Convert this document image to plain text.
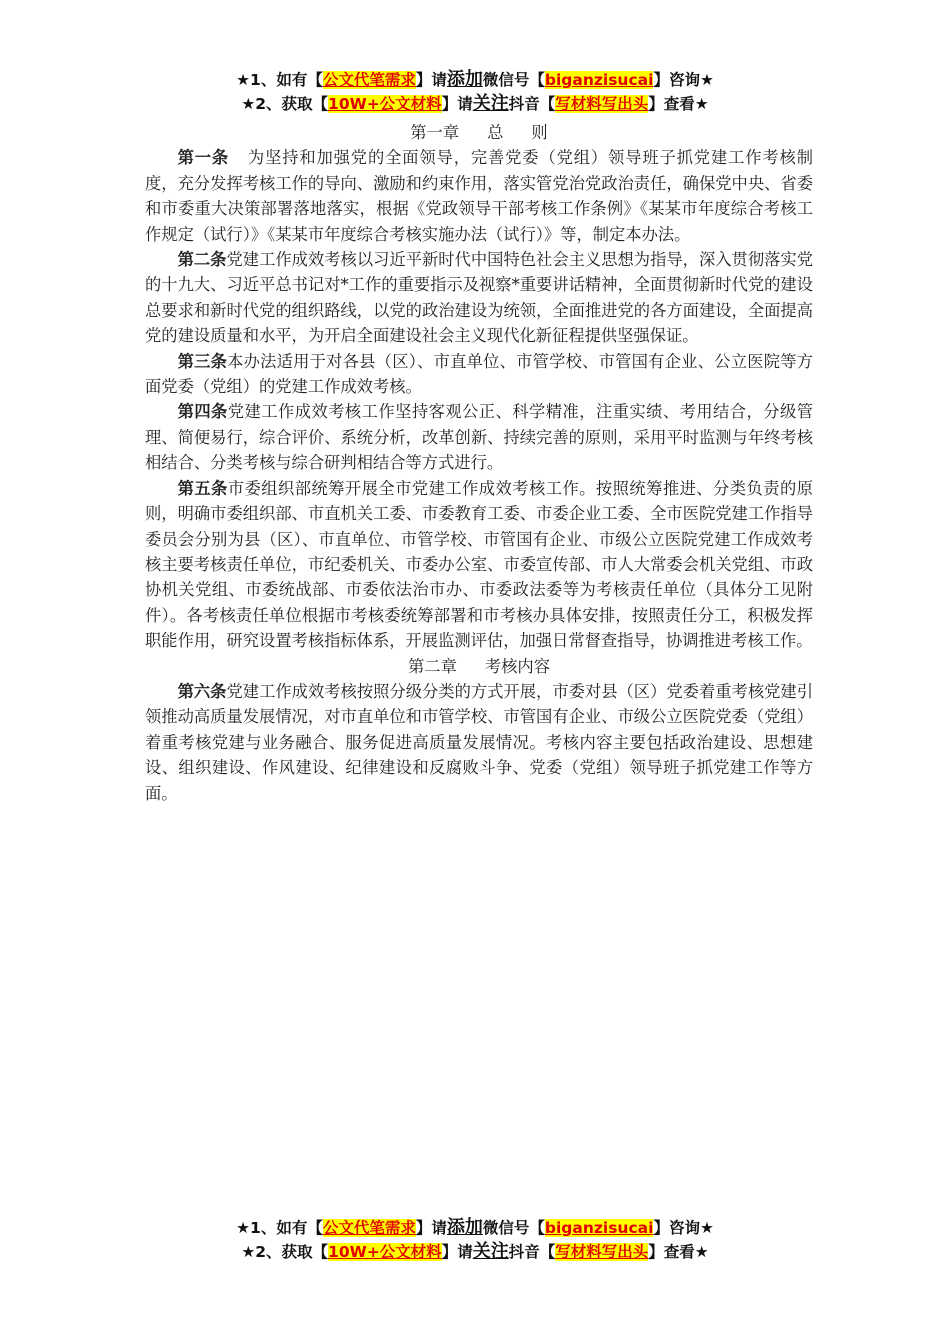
★1、如有【公文代笔需求】请添加微信号【biganzisucai】咨询★
★2、获取【10W+公文材料】请关注抖音【写材料写出头】查看★

第一章 总 则

第一条 为坚持和加强党的全面领导，完善党委（党组）领导班子抓党建工作考核制度，充分发挥考核工作的导向、激励和约束作用，落实管党治党政治责任，确保党中央、省委和市委重大决策部署落地落实，根据《党政领导干部考核工作条例》《某某市年度综合考核工作规定（试行）》《某某市年度综合考核实施办法（试行）》等，制定本办法。

第二条党建工作成效考核以习近平新时代中国特色社会主义思想为指导，深入贯彻落实党的十九大、习近平总书记对*工作的重要指示及视察*重要讲话精神，全面贯彻新时代党的建设总要求和新时代党的组织路线，以党的政治建设为统领，全面推进党的各方面建设，全面提高党的建设质量和水平，为开启全面建设社会主义现代化新征程提供坚强保证。

第三条本办法适用于对各县（区）、市直单位、市管学校、市管国有企业、公立医院等方面党委（党组）的党建工作成效考核。

第四条党建工作成效考核工作坚持客观公正、科学精准，注重实绩、考用结合，分级管理、简便易行，综合评价、系统分析，改革创新、持续完善的原则，采用平时监测与年终考核相结合、分类考核与综合研判相结合等方式进行。

第五条市委组织部统筹开展全市党建工作成效考核工作。按照统筹推进、分类负责的原则，明确市委组织部、市直机关工委、市委教育工委、市委企业工委、全市医院党建工作指导委员会分别为县（区）、市直单位、市管学校、市管国有企业、市级公立医院党建工作成效考核主要考核责任单位，市纪委机关、市委办公室、市委宣传部、市人大常委会机关党组、市政协机关党组、市委统战部、市委依法治市办、市委政法委等为考核责任单位（具体分工见附件）。各考核责任单位根据市考核委统筹部署和市考核办具体安排，按照责任分工，积极发挥职能作用，研究设置考核指标体系，开展监测评估，加强日常督查指导，协调推进考核工作。

第二章 考核内容

第六条党建工作成效考核按照分级分类的方式开展，市委对县（区）党委着重考核党建引领推动高质量发展情况，对市直单位和市管学校、市管国有企业、市级公立医院党委（党组）着重考核党建与业务融合、服务促进高质量发展情况。考核内容主要包括政治建设、思想建设、组织建设、作风建设、纪律建设和反腐败斗争、党委（党组）领导班子抓党建工作等方面。

★1、如有【公文代笔需求】请添加微信号【biganzisucai】咨询★
★2、获取【10W+公文材料】请关注抖音【写材料写出头】查看★
